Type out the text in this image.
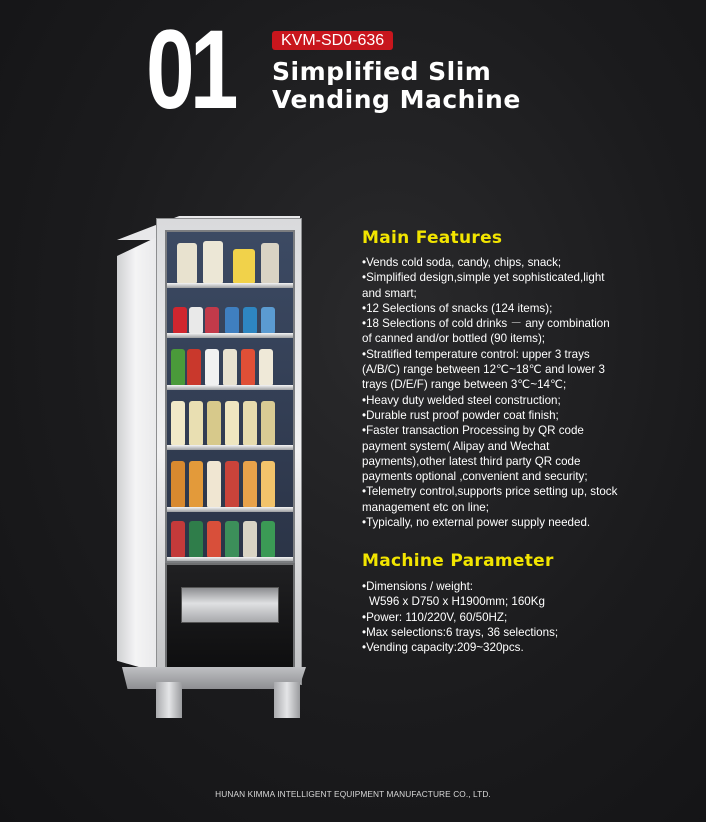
01	KVM-SD0-636
Simplified Slim
Vending Machine
Main Features
• Vends cold soda, candy, chips, snack;
• Simplified design,simple yet sophisticated,light and smart;
• 12 Selections of snacks (124 items);
• 18 Selections of cold drinks － any combination of canned and/or bottled (90 items);
• Stratified temperature control: upper 3 trays (A/B/C) range between 12℃~18℃ and lower 3 trays (D/E/F) range between 3℃~14℃;
• Heavy duty welded steel construction;
• Durable rust proof powder coat finish;
• Faster transaction Processing by QR code payment system( Alipay and Wechat payments),other latest third party QR code payments optional ,convenient and security;
• Telemetry control,supports price setting up, stock management etc on line;
• Typically, no external power supply needed.
Machine Parameter
• Dimensions / weight:
W596 x D750 x H1900mm; 160Kg
• Power: 110/220V, 60/50HZ;
• Max selections:6 trays, 36 selections;
• Vending capacity:209~320pcs.
HUNAN KIMMA INTELLIGENT EQUIPMENT MANUFACTURE CO., LTD.
